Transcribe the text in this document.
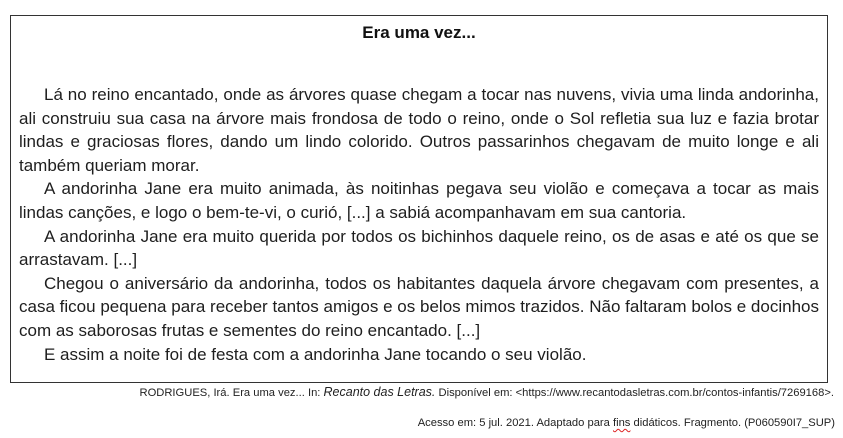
Era uma vez...

Lá no reino encantado, onde as árvores quase chegam a tocar nas nuvens, vivia uma linda andorinha, ali construiu sua casa na árvore mais frondosa de todo o reino, onde o Sol refletia sua luz e fazia brotar lindas e graciosas flores, dando um lindo colorido. Outros passarinhos chegavam de muito longe e ali também queriam morar.

A andorinha Jane era muito animada, às noitinhas pegava seu violão e começava a tocar as mais lindas canções, e logo o bem-te-vi, o curió, [...] a sabiá acompanhavam em sua cantoria.

A andorinha Jane era muito querida por todos os bichinhos daquele reino, os de asas e até os que se arrastavam. [...]

Chegou o aniversário da andorinha, todos os habitantes daquela árvore chegavam com presentes, a casa ficou pequena para receber tantos amigos e os belos mimos trazidos. Não faltaram bolos e docinhos com as saborosas frutas e sementes do reino encantado. [...]

E assim a noite foi de festa com a andorinha Jane tocando o seu violão.

RODRIGUES, Irá. Era uma vez... In: Recanto das Letras. Disponível em: <https://www.recantodasletras.com.br/contos-infantis/7269168>.
Acesso em: 5 jul. 2021. Adaptado para fins didáticos. Fragmento. (P060590I7_SUP)
